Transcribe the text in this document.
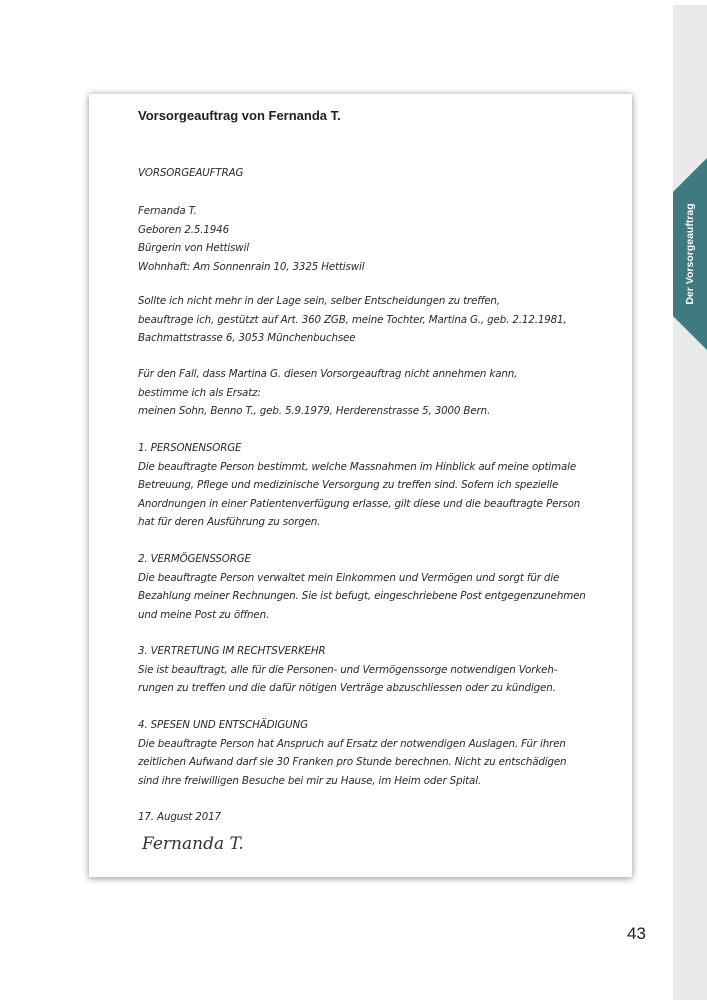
Der Vorsorgeauftrag
Vorsorgeauftrag von Fernanda T.
VORSORGEAUFTRAG
Fernanda T.
Geboren 2.5.1946
Bürgerin von Hettiswil
Wohnhaft: Am Sonnenrain 10, 3325 Hettiswil
Sollte ich nicht mehr in der Lage sein, selber Entscheidungen zu treffen,
beauftrage ich, gestützt auf Art. 360 ZGB, meine Tochter, Martina G., geb. 2.12.1981,
Bachmattstrasse 6, 3053 Münchenbuchsee
Für den Fall, dass Martina G. diesen Vorsorgeauftrag nicht annehmen kann,
bestimme ich als Ersatz:
meinen Sohn, Benno T., geb. 5.9.1979, Herderenstrasse 5, 3000 Bern.
1. PERSONENSORGE
Die beauftragte Person bestimmt, welche Massnahmen im Hinblick auf meine optimale Betreuung, Pflege und medizinische Versorgung zu treffen sind. Sofern ich spezielle Anordnungen in einer Patientenverfügung erlasse, gilt diese und die beauftragte Person hat für deren Ausführung zu sorgen.
2. VERMÖGENSSORGE
Die beauftragte Person verwaltet mein Einkommen und Vermögen und sorgt für die Bezahlung meiner Rechnungen. Sie ist befugt, eingeschriebene Post entgegenzunehmen und meine Post zu öffnen.
3. VERTRETUNG IM RECHTSVERKEHR
Sie ist beauftragt, alle für die Personen- und Vermögenssorge notwendigen Vorkeh-rungen zu treffen und die dafür nötigen Verträge abzuschliessen oder zu kündigen.
4. SPESEN UND ENTSCHÄDIGUNG
Die beauftragte Person hat Anspruch auf Ersatz der notwendigen Auslagen. Für ihren zeitlichen Aufwand darf sie 30 Franken pro Stunde berechnen. Nicht zu entschädigen sind ihre freiwilligen Besuche bei mir zu Hause, im Heim oder Spital.
17. August 2017
Fernanda T.
43
